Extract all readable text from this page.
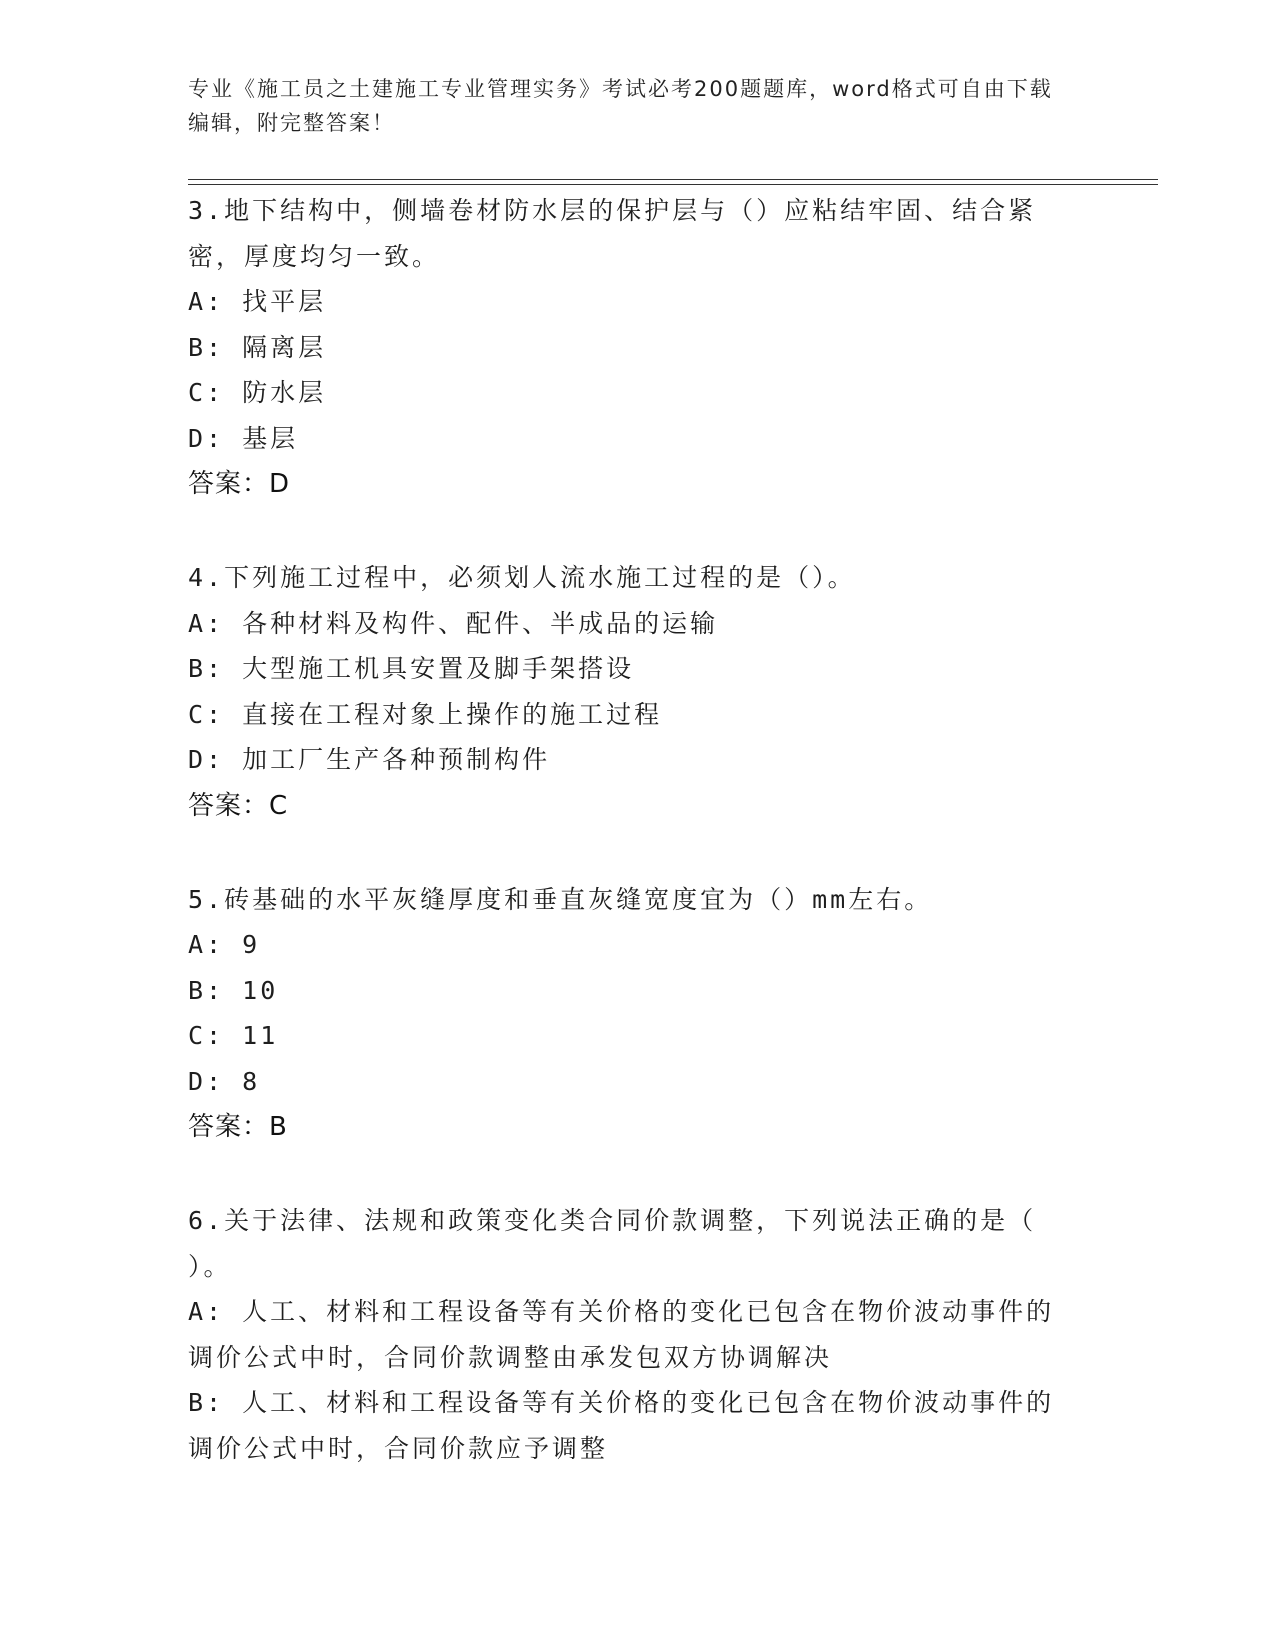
专业《施工员之土建施工专业管理实务》考试必考200题题库，word格式可自由下载编辑，附完整答案！
3.地下结构中，侧墙卷材防水层的保护层与（）应粘结牢固、结合紧
密，厚度均匀一致。
A: 找平层
B: 隔离层
C: 防水层
D: 基层
答案：D
4.下列施工过程中，必须划人流水施工过程的是（）。
A: 各种材料及构件、配件、半成品的运输
B: 大型施工机具安置及脚手架搭设
C: 直接在工程对象上操作的施工过程
D: 加工厂生产各种预制构件
答案：C
5.砖基础的水平灰缝厚度和垂直灰缝宽度宜为（）mm左右。
A: 9
B: 10
C: 11
D: 8
答案：B
6.关于法律、法规和政策变化类合同价款调整，下列说法正确的是（
）。
A: 人工、材料和工程设备等有关价格的变化已包含在物价波动事件的
调价公式中时，合同价款调整由承发包双方协调解决
B: 人工、材料和工程设备等有关价格的变化已包含在物价波动事件的
调价公式中时，合同价款应予调整
